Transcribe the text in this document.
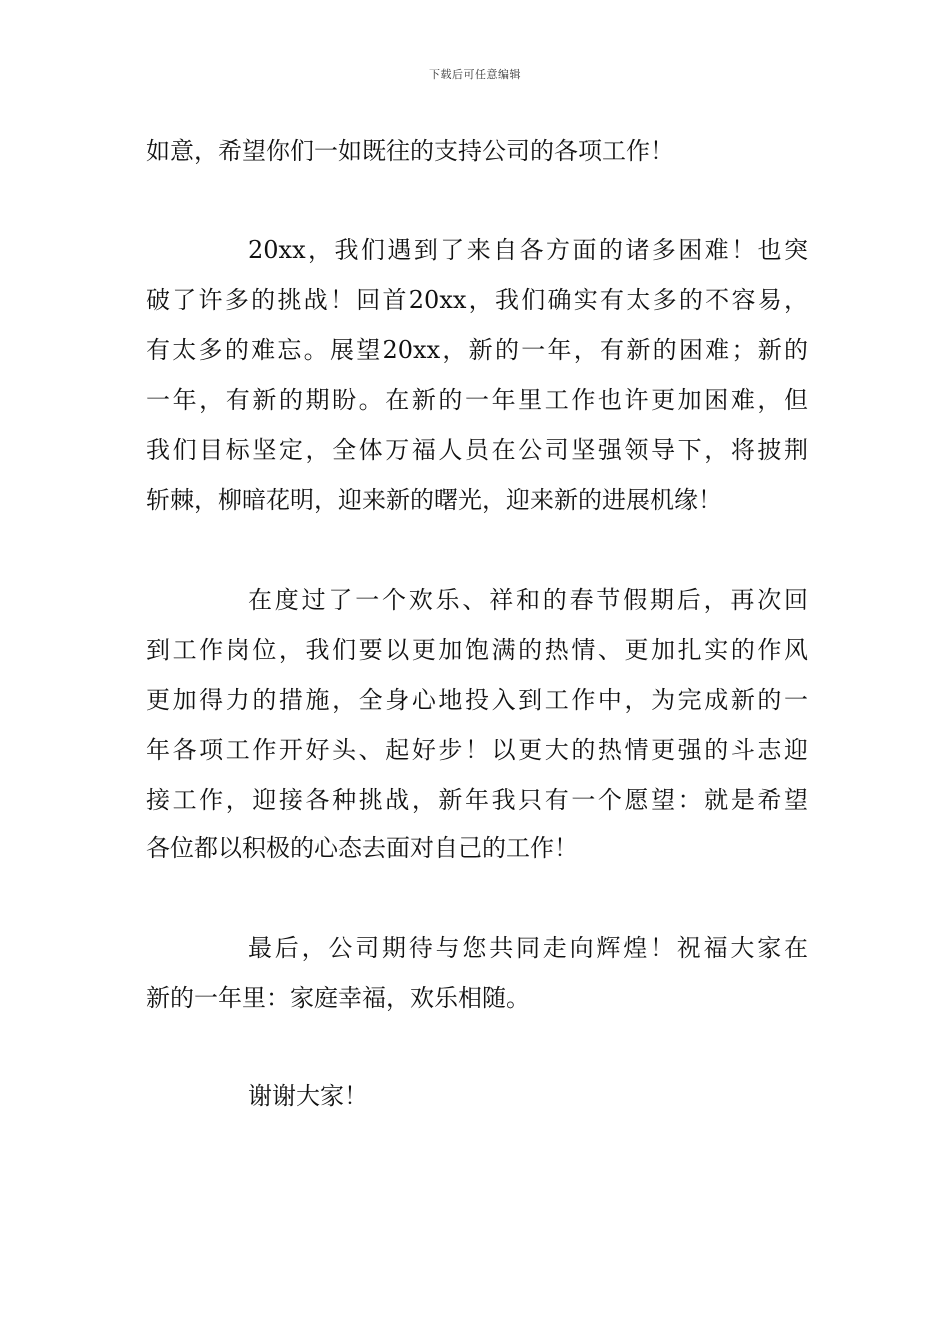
下载后可任意编辑
如意，希望你们一如既往的支持公司的各项工作！
20xx，我们遇到了来自各方面的诸多困难！也突
破了许多的挑战！回首20xx，我们确实有太多的不容易，
有太多的难忘。展望20xx，新的一年，有新的困难；新的
一年，有新的期盼。在新的一年里工作也许更加困难，但
我们目标坚定，全体万福人员在公司坚强领导下，将披荆
斩棘，柳暗花明，迎来新的曙光，迎来新的进展机缘！
在度过了一个欢乐、祥和的春节假期后，再次回
到工作岗位，我们要以更加饱满的热情、更加扎实的作风
更加得力的措施，全身心地投入到工作中，为完成新的一
年各项工作开好头、起好步！以更大的热情更强的斗志迎
接工作，迎接各种挑战，新年我只有一个愿望：就是希望
各位都以积极的心态去面对自己的工作！
最后，公司期待与您共同走向辉煌！祝福大家在
新的一年里：家庭幸福，欢乐相随。
谢谢大家！
